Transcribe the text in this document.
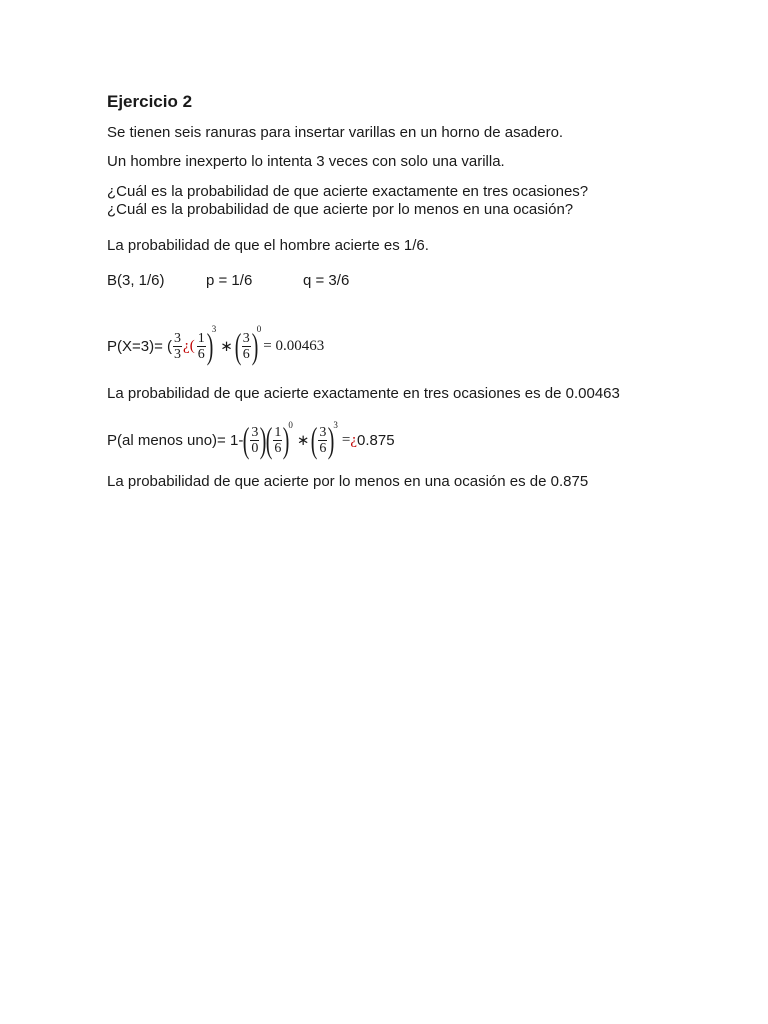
Ejercicio 2
Se tienen seis ranuras para insertar varillas en un horno de asadero.
Un hombre inexperto lo intenta 3 veces con solo una varilla.
¿Cuál es la probabilidad de que acierte exactamente en tres ocasiones?
¿Cuál es la probabilidad de que acierte por lo menos en una ocasión?
La probabilidad de que el hombre acierte es 1/6.
B(3, 1/6)	p = 1/6	q = 3/6
P(X=3)= ( $\frac{3}{3}$ ¿ ( $\frac{1}{6}$ )
3
∗ ( $\frac{3}{6}$ )
0
= 0.00463
La probabilidad de que acierte exactamente en tres ocasiones es de 0.00463
P(al menos uno)= 1- ( $\frac{3}{0}$ ) ( $\frac{1}{6}$ )
0
∗ ( $\frac{3}{6}$ )
3
= ¿ 0.875
La probabilidad de que acierte por lo menos en una ocasión es de 0.875
